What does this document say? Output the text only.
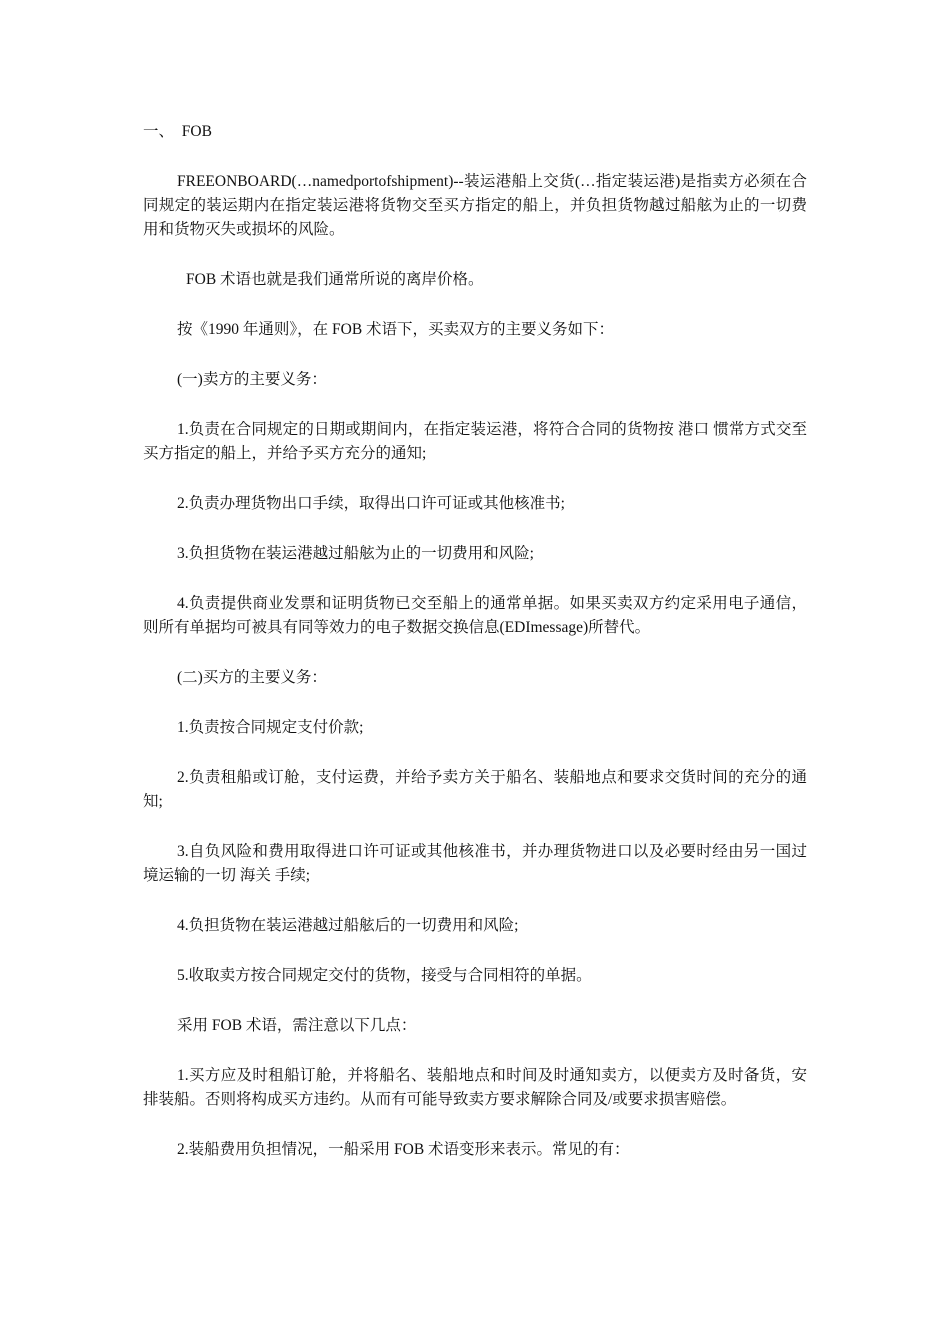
一、  FOB

FREEONBOARD(…namedportofshipment)--装运港船上交货(…指定装运港)是指卖方必须在合同规定的装运期内在指定装运港将货物交至买方指定的船上，并负担货物越过船舷为止的一切费用和货物灭失或损坏的风险。

FOB 术语也就是我们通常所说的离岸价格。

按《1990 年通则》，在 FOB 术语下，买卖双方的主要义务如下：

(一)卖方的主要义务：

1.负责在合同规定的日期或期间内，在指定装运港，将符合合同的货物按 港口 惯常方式交至买方指定的船上，并给予买方充分的通知;

2.负责办理货物出口手续，取得出口许可证或其他核准书;

3.负担货物在装运港越过船舷为止的一切费用和风险;

4.负责提供商业发票和证明货物已交至船上的通常单据。如果买卖双方约定采用电子通信，则所有单据均可被具有同等效力的电子数据交换信息(EDImessage)所替代。

(二)买方的主要义务：

1.负责按合同规定支付价款;

2.负责租船或订舱，支付运费，并给予卖方关于船名、装船地点和要求交货时间的充分的通知;

3.自负风险和费用取得进口许可证或其他核准书，并办理货物进口以及必要时经由另一国过境运输的一切 海关 手续;

4.负担货物在装运港越过船舷后的一切费用和风险;

5.收取卖方按合同规定交付的货物，接受与合同相符的单据。

采用 FOB 术语，需注意以下几点：

1.买方应及时租船订舱，并将船名、装船地点和时间及时通知卖方，以便卖方及时备货，安排装船。否则将构成买方违约。从而有可能导致卖方要求解除合同及/或要求损害赔偿。

2.装船费用负担情况，一船采用 FOB 术语变形来表示。常见的有：
